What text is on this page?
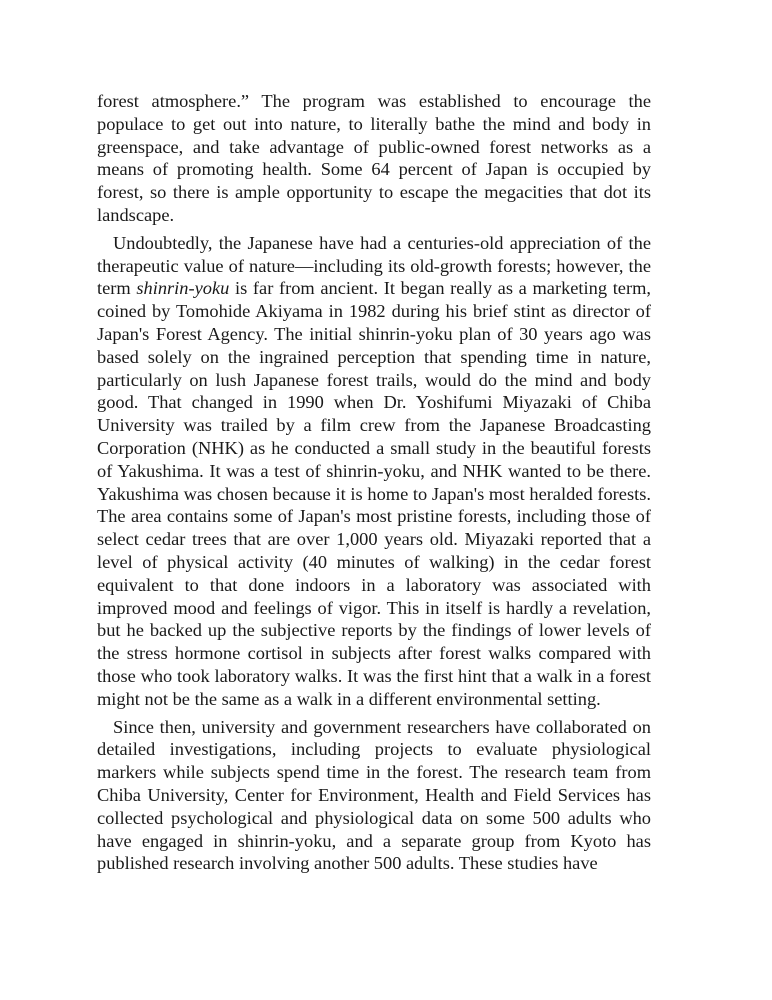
forest atmosphere.” The program was established to encourage the populace to get out into nature, to literally bathe the mind and body in greenspace, and take advantage of public-owned forest networks as a means of promoting health. Some 64 percent of Japan is occupied by forest, so there is ample opportunity to escape the megacities that dot its landscape.

Undoubtedly, the Japanese have had a centuries-old appreciation of the therapeutic value of nature—including its old-growth forests; however, the term shinrin-yoku is far from ancient. It began really as a marketing term, coined by Tomohide Akiyama in 1982 during his brief stint as director of Japan's Forest Agency. The initial shinrin-yoku plan of 30 years ago was based solely on the ingrained perception that spending time in nature, particularly on lush Japanese forest trails, would do the mind and body good. That changed in 1990 when Dr. Yoshifumi Miyazaki of Chiba University was trailed by a film crew from the Japanese Broadcasting Corporation (NHK) as he conducted a small study in the beautiful forests of Yakushima. It was a test of shinrin-yoku, and NHK wanted to be there. Yakushima was chosen because it is home to Japan's most heralded forests. The area contains some of Japan's most pristine forests, including those of select cedar trees that are over 1,000 years old. Miyazaki reported that a level of physical activity (40 minutes of walking) in the cedar forest equivalent to that done indoors in a laboratory was associated with improved mood and feelings of vigor. This in itself is hardly a revelation, but he backed up the subjective reports by the findings of lower levels of the stress hormone cortisol in subjects after forest walks compared with those who took laboratory walks. It was the first hint that a walk in a forest might not be the same as a walk in a different environmental setting.

Since then, university and government researchers have collaborated on detailed investigations, including projects to evaluate physiological markers while subjects spend time in the forest. The research team from Chiba University, Center for Environment, Health and Field Services has collected psychological and physiological data on some 500 adults who have engaged in shinrin-yoku, and a separate group from Kyoto has published research involving another 500 adults. These studies have
